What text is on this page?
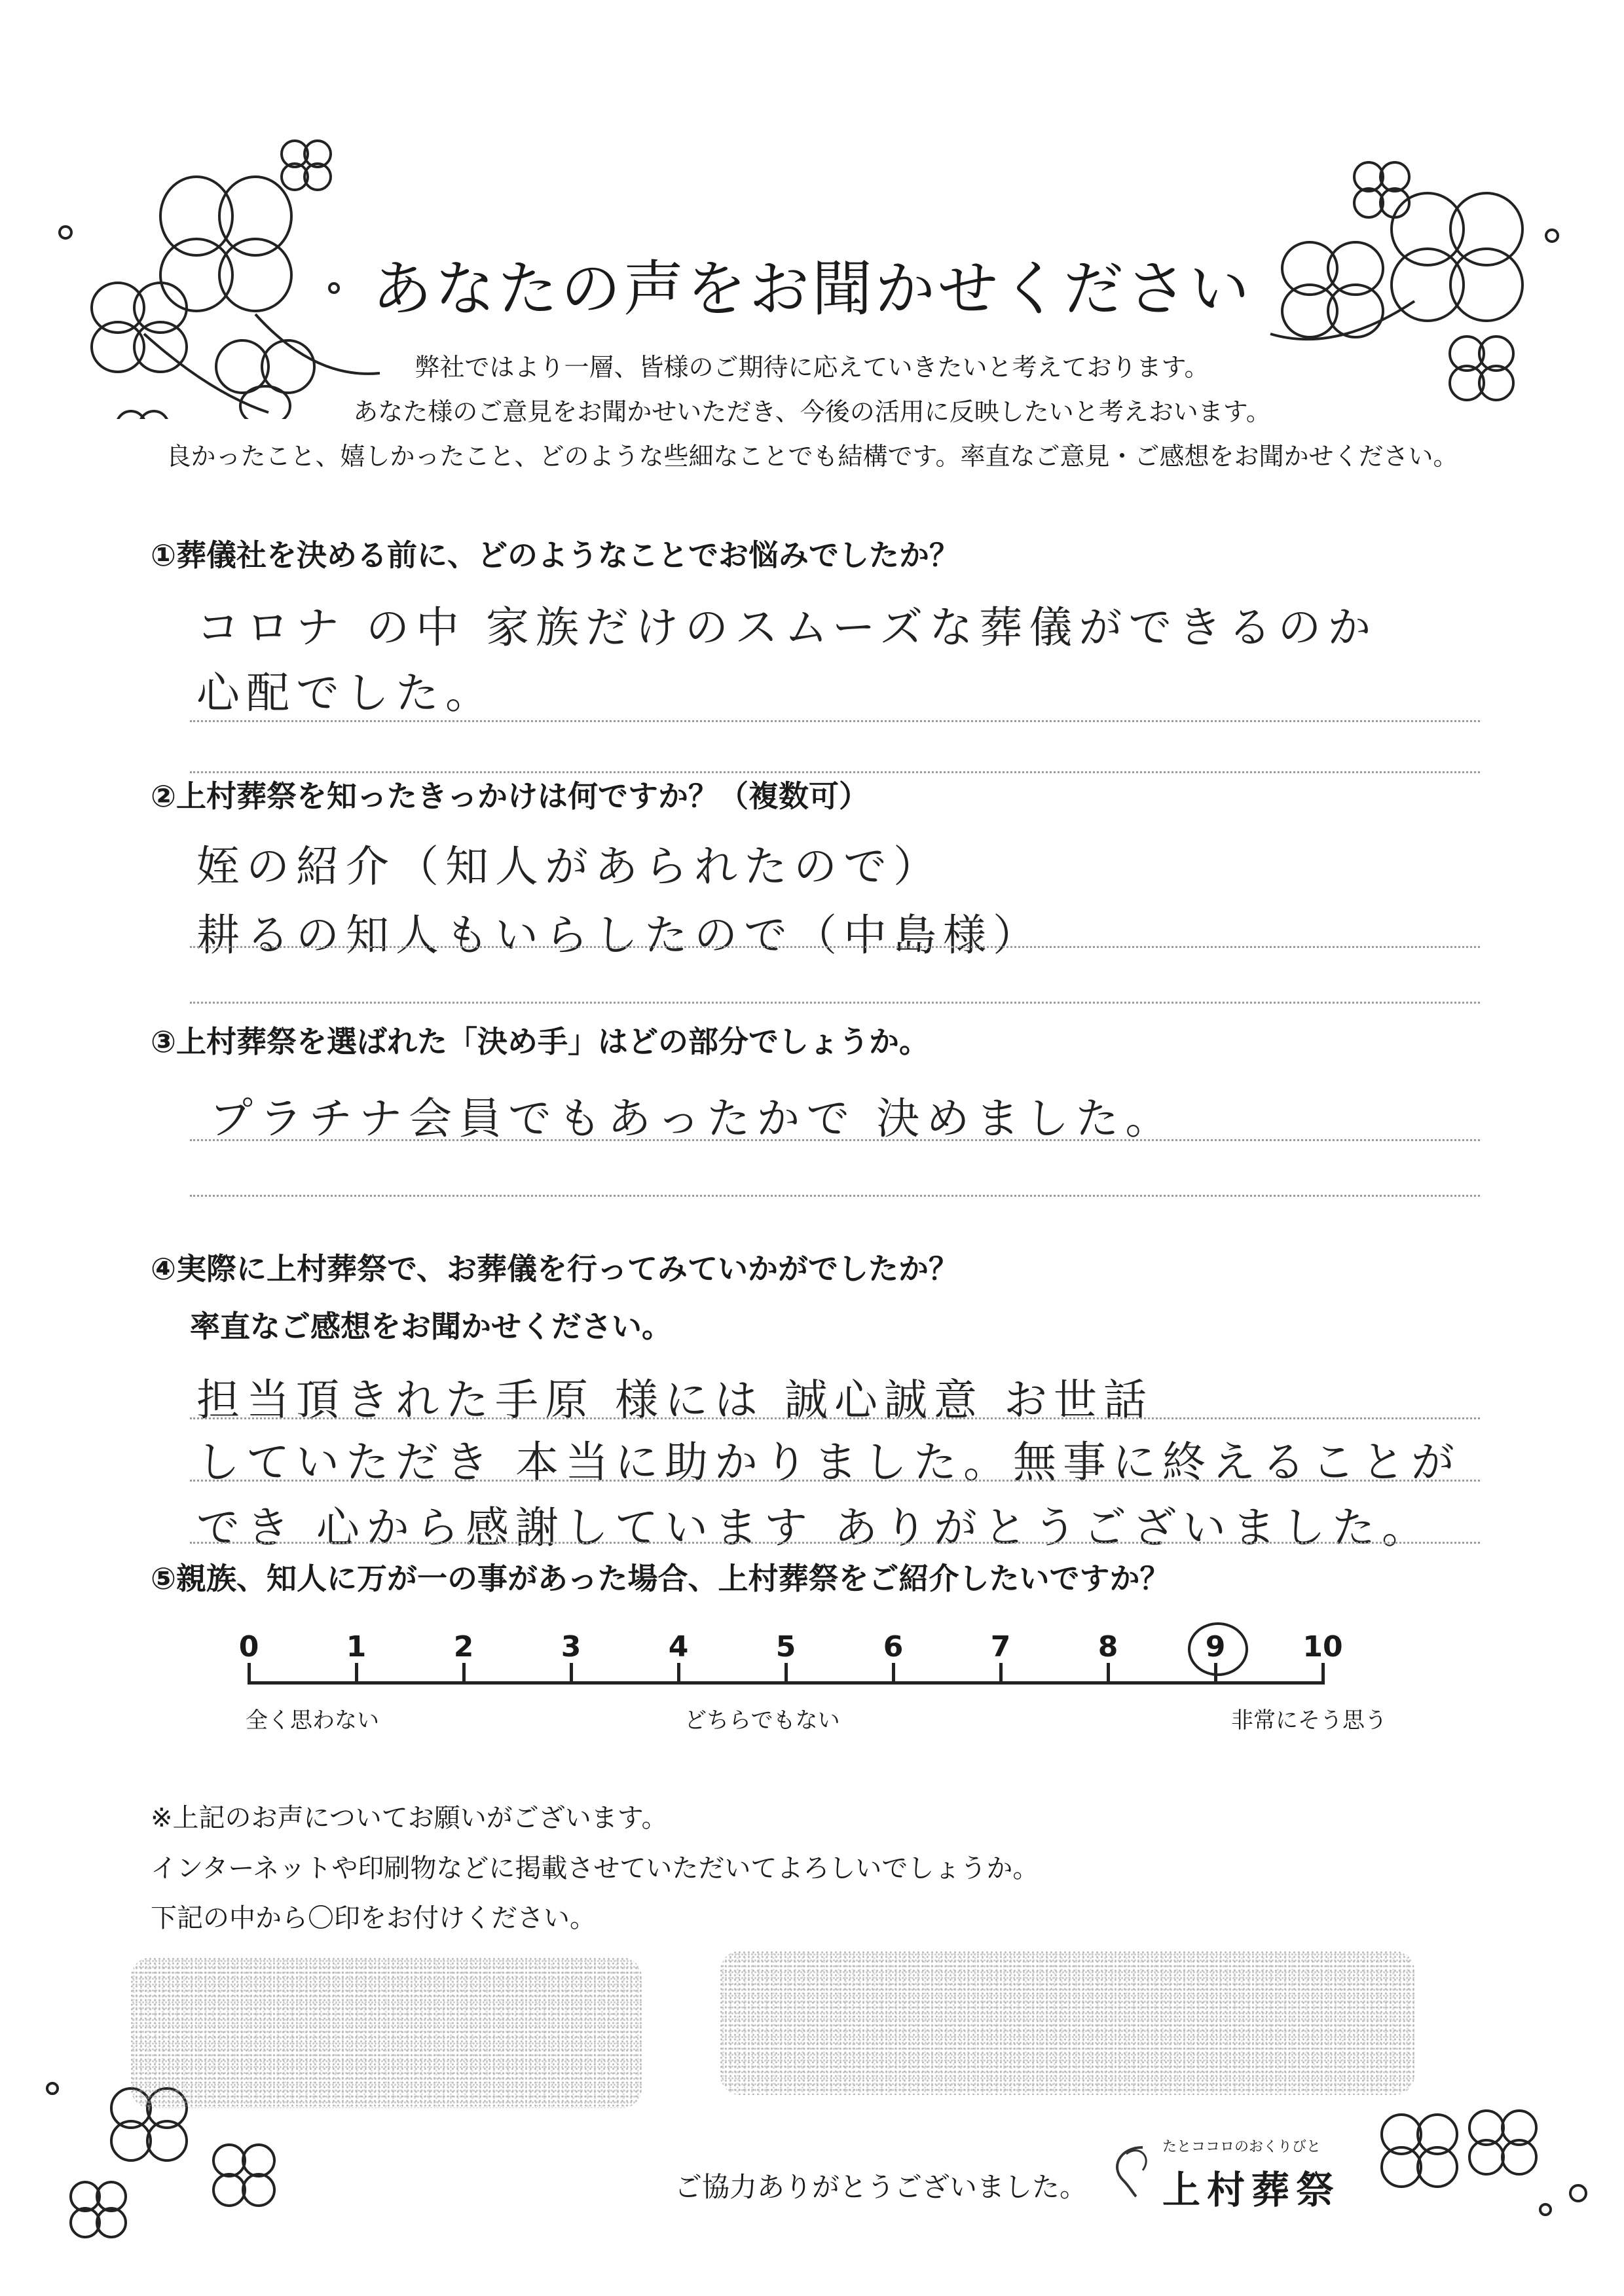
あなたの声をお聞かせください
弊社ではより一層、皆様のご期待に応えていきたいと考えております。
あなた様のご意見をお聞かせいただき、今後の活用に反映したいと考えおいます。
良かったこと、嬉しかったこと、どのような些細なことでも結構です。率直なご意見・ご感想をお聞かせください。
①葬儀社を決める前に、どのようなことでお悩みでしたか？
コロナ の中 家族だけのスムーズな葬儀ができるのか
心配でした。
②上村葬祭を知ったきっかけは何ですか？（複数可）
姪の紹介（知人があられたので）
耕るの知人もいらしたので（中島様）
③上村葬祭を選ばれた「決め手」はどの部分でしょうか。
プラチナ会員でもあったかで 決めました。
④実際に上村葬祭で、お葬儀を行ってみていかがでしたか？
率直なご感想をお聞かせください。
担当頂きれた手原 様には 誠心誠意 お世話
していただき 本当に助かりました。無事に終えることが
でき 心から感謝しています ありがとうございました。
⑤親族、知人に万が一の事があった場合、上村葬祭をご紹介したいですか？
0	1	2	3	4	5	6	7	8	9	10
全く思わない	どちらでもない	非常にそう思う
※上記のお声についてお願いがございます。
インターネットや印刷物などに掲載させていただいてよろしいでしょうか。
下記の中から〇印をお付けください。
ご協力ありがとうございました。
たとココロのおくりびと
上村葬祭
